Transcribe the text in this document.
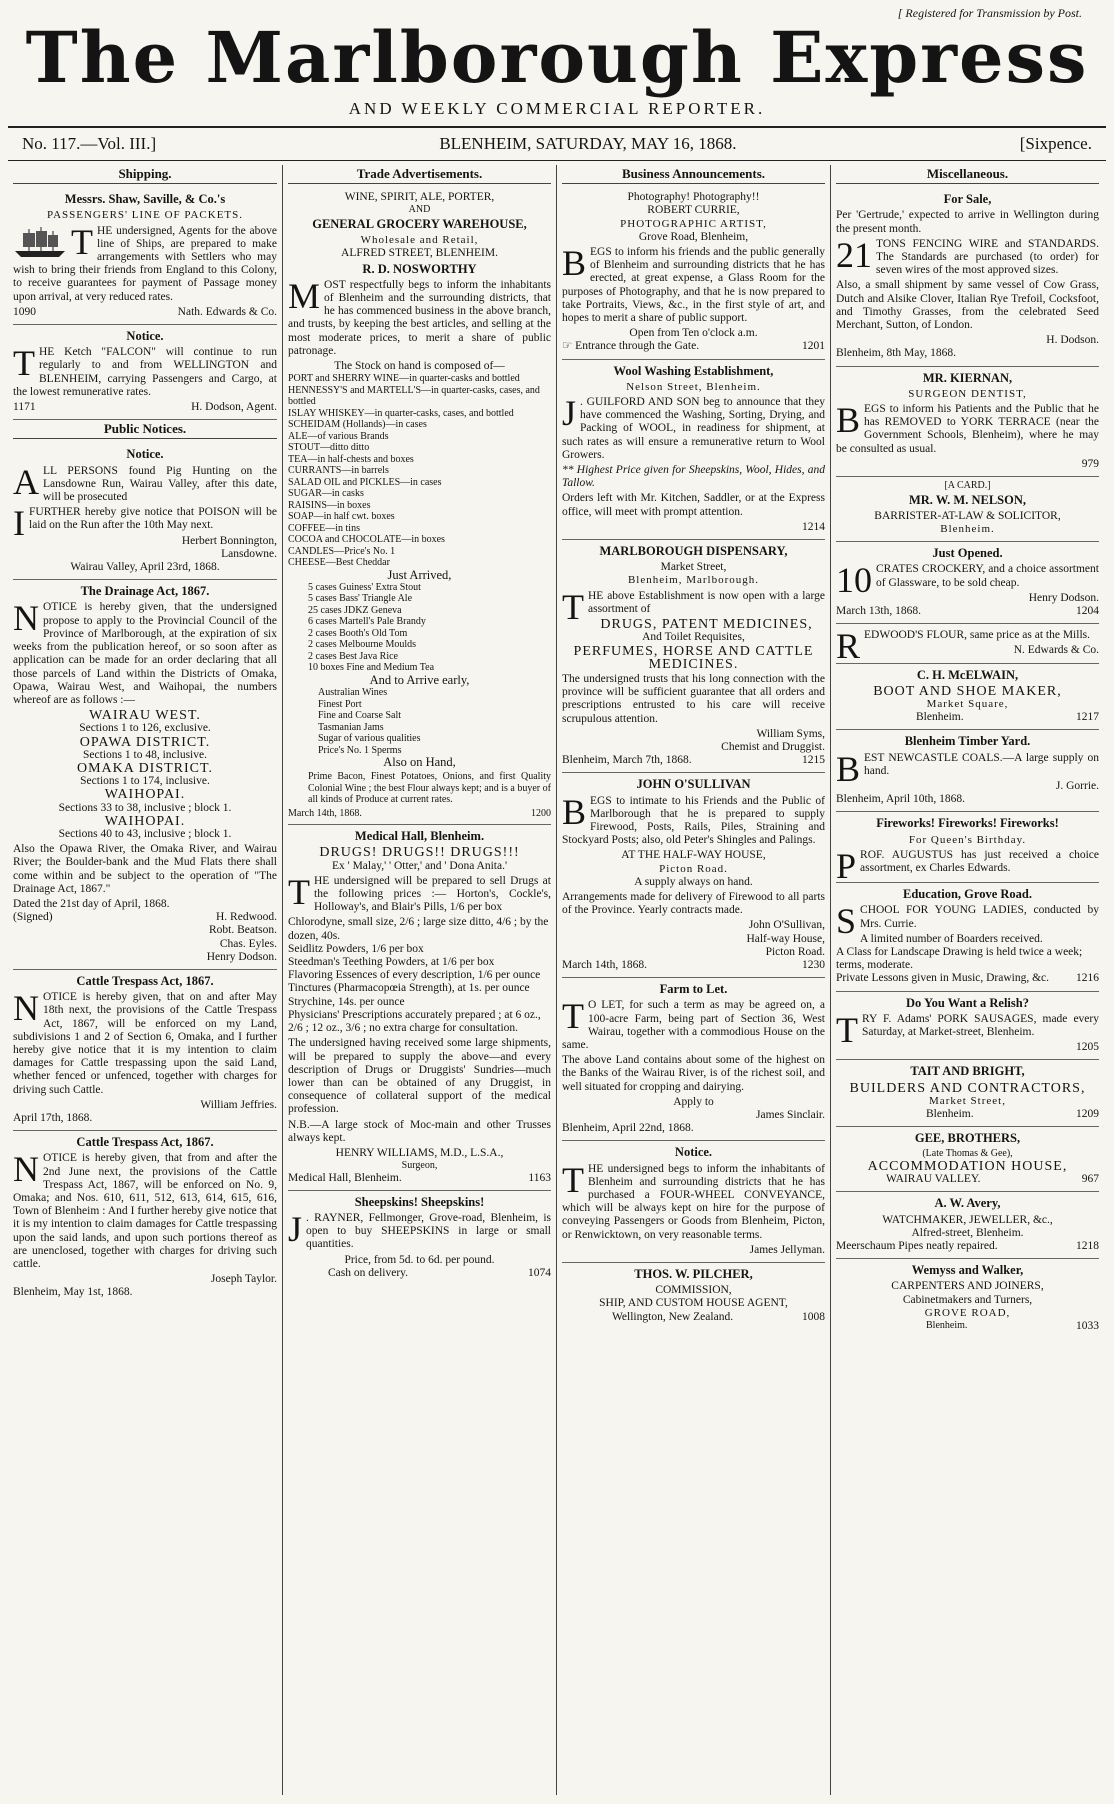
[ Registered for Transmission by Post.
The Marlborough Express
AND WEEKLY COMMERCIAL REPORTER.
No. 117.—Vol. III.]	BLENHEIM, SATURDAY, MAY 16, 1868.	[Sixpence.
Shipping.
Messrs. Shaw, Saville, & Co.'s
PASSENGERS' LINE OF PACKETS.

THE undersigned, Agents for the above line of Ships, are prepared to make arrangements with Settlers who may wish to bring their friends from England to this Colony, to receive guarantees for payment of Passage money upon arrival, at very reduced rates.

1090	Nath. Edwards & Co.
Notice.

THE Ketch "FALCON" will continue to run regularly to and from WELLINGTON and BLENHEIM, carrying Passengers and Cargo, at the lowest remunerative rates.

1171	H. Dodson, Agent.
Public Notices.
Notice.

ALL PERSONS found Pig Hunting on the Lansdowne Run, Wairau Valley, after this date, will be prosecuted

IFURTHER hereby give notice that POISON will be laid on the Run after the 10th May next.

Herbert Bonnington,
Lansdowne.
Wairau Valley, April 23rd, 1868.
The Drainage Act, 1867.

NOTICE is hereby given, that the undersigned propose to apply to the Provincial Council of the Province of Marlborough, at the expiration of six weeks from the publication hereof, or so soon after as application can be made for an order declaring that all those parcels of Land within the Districts of Omaka, Opawa, Wairau West, and Waihopai, the numbers whereof are as follows :—

WAIRAU WEST.
Sections 1 to 126, exclusive.
OPAWA DISTRICT.
Sections 1 to 48, inclusive.
OMAKA DISTRICT.
Sections 1 to 174, inclusive.
WAIHOPAI.
Sections 33 to 38, inclusive ; block 1.
WAIHOPAI.
Sections 40 to 43, inclusive ; block 1.

Also the Opawa River, the Omaka River, and Wairau River; the Boulder-bank and the Mud Flats there shall come within and be subject to the operation of "The Drainage Act, 1867."

Dated the 21st day of April, 1868.
(Signed)	H. Redwood.
Robt. Beatson.
Chas. Eyles.
Henry Dodson.
Cattle Trespass Act, 1867.

NOTICE is hereby given, that on and after May 18th next, the provisions of the Cattle Trespass Act, 1867, will be enforced on my Land, subdivisions 1 and 2 of Section 6, Omaka, and I further hereby give notice that it is my intention to claim damages for Cattle trespassing upon the said Land, whether fenced or unfenced, together with charges for driving such Cattle.

William Jeffries.
April 17th, 1868.
Cattle Trespass Act, 1867.

NOTICE is hereby given, that from and after the 2nd June next, the provisions of the Cattle Trespass Act, 1867, will be enforced on No. 9, Omaka; and Nos. 610, 611, 512, 613, 614, 615, 616, Town of Blenheim : And I further hereby give notice that it is my intention to claim damages for Cattle trespassing upon the said lands, and upon such portions thereof as are unenclosed, together with charges for driving such cattle.

Joseph Taylor.
Blenheim, May 1st, 1868.
Trade Advertisements.
WINE, SPIRIT, ALE, PORTER,
AND
GENERAL GROCERY WAREHOUSE,
Wholesale and Retail,
ALFRED STREET, BLENHEIM.
R. D. NOSWORTHY

MOST respectfully begs to inform the inhabitants of Blenheim and the surrounding districts, that he has commenced business in the above branch, and trusts, by keeping the best articles, and selling at the most moderate prices, to merit a share of public patronage.

The Stock on hand is composed of—
PORT and SHERRY WINE—in quarter-casks and bottled
HENNESSY'S and MARTELL'S—in quarter-casks, cases, and bottled
ISLAY WHISKEY—in quarter-casks, cases, and bottled
SCHEIDAM (Hollands)—in cases
ALE—of various Brands
STOUT—ditto ditto
TEA—in half-chests and boxes
CURRANTS—in barrels
SALAD OIL and PICKLES—in cases
SUGAR—in casks
RAISINS—in boxes
SOAP—in half cwt. boxes
COFFEE—in tins
COCOA and CHOCOLATE—in boxes
CANDLES—Price's No. 1
CHEESE—Best Cheddar
Just Arrived,
5 cases Guiness' Extra Stout
5 cases Bass' Triangle Ale
25 cases JDKZ Geneva
6 cases Martell's Pale Brandy
2 cases Booth's Old Tom
2 cases Melbourne Moulds
2 cases Best Java Rice
10 boxes Fine and Medium Tea
And to Arrive early,
Australian Wines
Finest Port
Fine and Coarse Salt
Tasmanian Jams
Sugar of various qualities
Price's No. 1 Sperms
Also on Hand,

Prime Bacon, Finest Potatoes, Onions, and first Quality Colonial Wine ; the best Flour always kept; and is a buyer of all kinds of Produce at current rates.

March 14th, 1868.	1200
Medical Hall, Blenheim.
DRUGS! DRUGS!! DRUGS!!!
Ex ' Malay,' ' Otter,' and ' Dona Anita.'

THE undersigned will be prepared to sell Drugs at the following prices :— Horton's, Cockle's, Holloway's, and Blair's Pills, 1/6 per box

Chlorodyne, small size, 2/6 ; large size ditto, 4/6 ; by the dozen, 40s.
Seidlitz Powders, 1/6 per box
Steedman's Teething Powders, at 1/6 per box
Flavoring Essences of every description, 1/6 per ounce
Tinctures (Pharmacopœia Strength), at 1s. per ounce
Strychine, 14s. per ounce
Physicians' Prescriptions accurately prepared ; at 6 oz., 2/6 ; 12 oz., 3/6 ; no extra charge for consultation.

The undersigned having received some large shipments, will be prepared to supply the above—and every description of Drugs or Druggists' Sundries—much lower than can be obtained of any Druggist, in consequence of collateral support of the medical profession.

N.B.—A large stock of Moc-main and other Trusses always kept.

HENRY WILLIAMS, M.D., L.S.A.,
Surgeon,
Medical Hall, Blenheim.	1163
Sheepskins! Sheepskins!

J . RAYNER, Fellmonger, Grove-road, Blenheim, is open to buy SHEEPSKINS in large or small quantities.

Price, from 5d. to 6d. per pound.
Cash on delivery.	1074
Business Announcements.
Photography! Photography!!
ROBERT CURRIE,
PHOTOGRAPHIC ARTIST,
Grove Road, Blenheim,

BEGS to inform his friends and the public generally of Blenheim and surrounding districts that he has erected, at great expense, a Glass Room for the purposes of Photography, and that he is now prepared to take Portraits, Views, &c., in the first style of art, and hopes to merit a share of public support.

Open from Ten o'clock a.m.
☞ Entrance through the Gate.	1201
Wool Washing Establishment,
Nelson Street, Blenheim.

J . GUILFORD AND SON beg to announce that they have commenced the Washing, Sorting, Drying, and Packing of WOOL, in readiness for shipment, at such rates as will ensure a remunerative return to Wool Growers.

** Highest Price given for Sheepskins, Wool, Hides, and Tallow.

Orders left with Mr. Kitchen, Saddler, or at the Express office, will meet with prompt attention.

1214
MARLBOROUGH DISPENSARY,
Market Street,
Blenheim, Marlborough.

THE above Establishment is now open with a large assortment of

DRUGS, PATENT MEDICINES,
And Toilet Requisites,
PERFUMES, HORSE AND CATTLE
MEDICINES.

The undersigned trusts that his long connection with the province will be sufficient guarantee that all orders and prescriptions entrusted to his care will receive scrupulous attention.

William Syms,
Chemist and Druggist.
Blenheim, March 7th, 1868.	1215
JOHN O'SULLIVAN

BEGS to intimate to his Friends and the Public of Marlborough that he is prepared to supply Firewood, Posts, Rails, Piles, Straining and Stockyard Posts; also, old Peter's Shingles and Palings.

AT THE HALF-WAY HOUSE,
Picton Road.
A supply always on hand.

Arrangements made for delivery of Firewood to all parts of the Province. Yearly contracts made.

John O'Sullivan,
Half-way House,
Picton Road.
March 14th, 1868.	1230
Farm to Let.

T O LET, for such a term as may be agreed on, a 100-acre Farm, being part of Section 36, West Wairau, together with a commodious House on the same.

The above Land contains about some of the highest on the Banks of the Wairau River, is of the richest soil, and well situated for cropping and dairying.

Apply to
James Sinclair.
Blenheim, April 22nd, 1868.
Notice.

THE undersigned begs to inform the inhabitants of Blenheim and surrounding districts that he has purchased a FOUR-WHEEL CONVEYANCE, which will be always kept on hire for the purpose of conveying Passengers or Goods from Blenheim, Picton, or Renwicktown, on very reasonable terms.

James Jellyman.
THOS. W. PILCHER,
COMMISSION,
SHIP, AND CUSTOM HOUSE AGENT,
Wellington, New Zealand.	1008
Miscellaneous.
For Sale,

Per 'Gertrude,' expected to arrive in Wellington during the present month.

21 TONS FENCING WIRE and STANDARDS. The Standards are purchased (to order) for seven wires of the most approved sizes.

Also, a small shipment by same vessel of Cow Grass, Dutch and Alsike Clover, Italian Rye Trefoil, Cocksfoot, and Timothy Grasses, from the celebrated Seed Merchant, Sutton, of London.

H. Dodson.
Blenheim, 8th May, 1868.
MR. KIERNAN,
SURGEON DENTIST,

BEGS to inform his Patients and the Public that he has REMOVED to YORK TERRACE (near the Government Schools, Blenheim), where he may be consulted as usual.

979
[A CARD.]
MR. W. M. NELSON,
BARRISTER-AT-LAW & SOLICITOR,
Blenheim.
Just Opened.

10 CRATES CROCKERY, and a choice assortment of Glassware, to be sold cheap.

Henry Dodson.
March 13th, 1868.	1204

REDWOOD'S FLOUR, same price as at the Mills.

N. Edwards & Co.
C. H. McELWAIN,
BOOT AND SHOE MAKER,
Market Square,
Blenheim.	1217
Blenheim Timber Yard.

BEST NEWCASTLE COALS.—A large supply on hand.

J. Gorrie.
Blenheim, April 10th, 1868.
Fireworks! Fireworks! Fireworks!
For Queen's Birthday.

PROF. AUGUSTUS has just received a choice assortment, ex Charles Edwards.

Education, Grove Road.

SCHOOL FOR YOUNG LADIES, conducted by Mrs. Currie.

A limited number of Boarders received.
A Class for Landscape Drawing is held twice a week; terms, moderate.
Private Lessons given in Music, Drawing, &c. 1216
Do You Want a Relish?

TRY F. Adams' PORK SAUSAGES, made every Saturday, at Market-street, Blenheim.

1205
TAIT AND BRIGHT,
BUILDERS AND CONTRACTORS,
Market Street,
Blenheim.	1209
GEE, BROTHERS,
(Late Thomas & Gee),
ACCOMMODATION HOUSE,
WAIRAU VALLEY.	967
A. W. Avery,
WATCHMAKER, JEWELLER, &c.,
Alfred-street, Blenheim.
Meerschaum Pipes neatly repaired.	1218
Wemyss and Walker,
CARPENTERS AND JOINERS,
Cabinetmakers and Turners,
GROVE ROAD,
Blenheim.	1033
